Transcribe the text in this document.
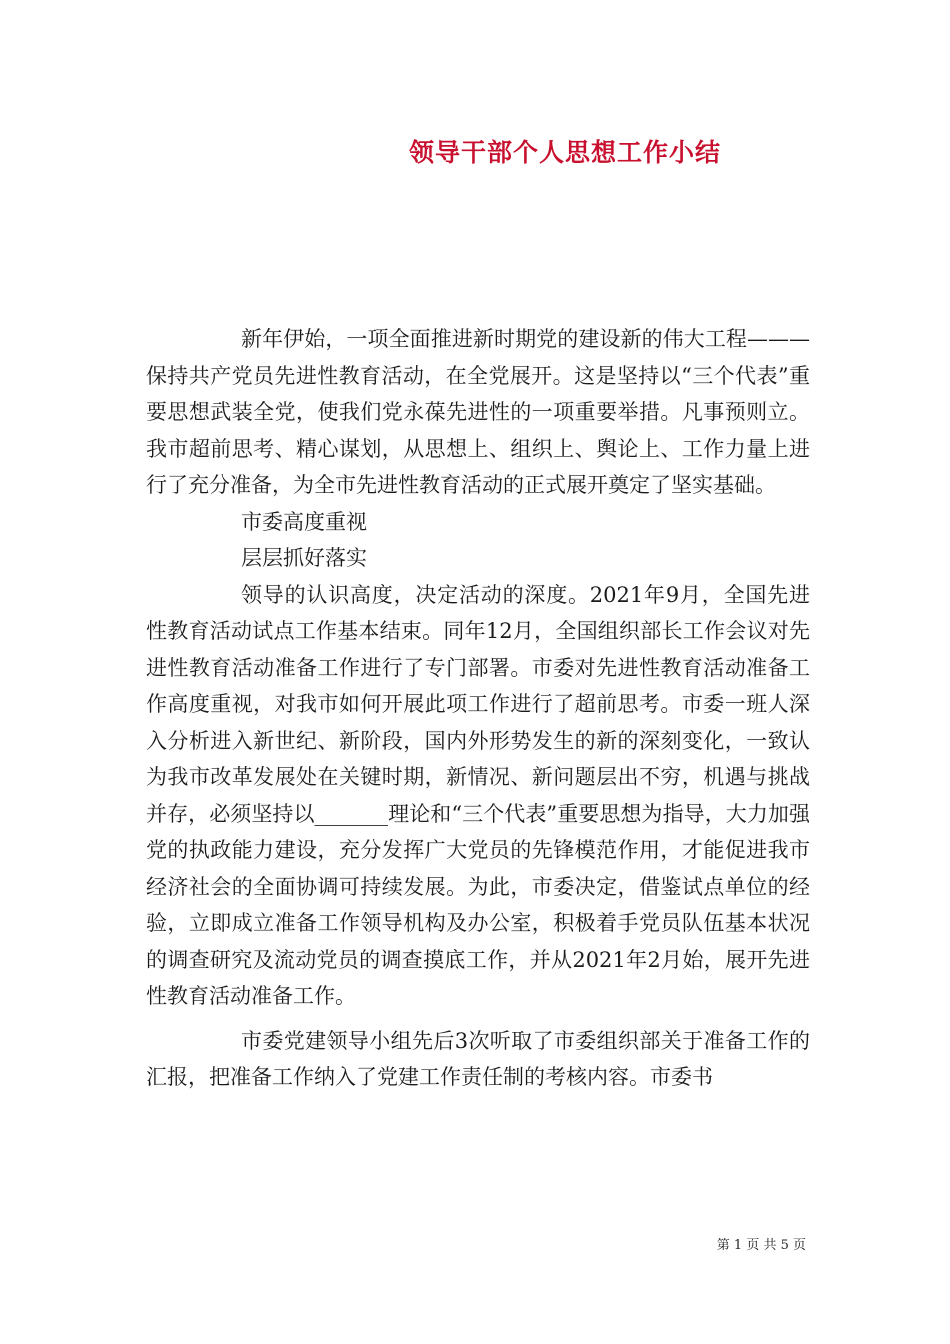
领导干部个人思想工作小结

新年伊始，一项全面推进新时期党的建设新的伟大工程———保持共产党员先进性教育活动，在全党展开。这是坚持以“三个代表”重要思想武装全党，使我们党永葆先进性的一项重要举措。凡事预则立。我市超前思考、精心谋划，从思想上、组织上、舆论上、工作力量上进行了充分准备，为全市先进性教育活动的正式展开奠定了坚实基础。

市委高度重视

层层抓好落实

领导的认识高度，决定活动的深度。2021年9月，全国先进性教育活动试点工作基本结束。同年12月，全国组织部长工作会议对先进性教育活动准备工作进行了专门部署。市委对先进性教育活动准备工作高度重视，对我市如何开展此项工作进行了超前思考。市委一班人深入分析进入新世纪、新阶段，国内外形势发生的新的深刻变化，一致认为我市改革发展处在关键时期，新情况、新问题层出不穷，机遇与挑战并存，必须坚持以_______理论和“三个代表”重要思想为指导，大力加强党的执政能力建设，充分发挥广大党员的先锋模范作用，才能促进我市经济社会的全面协调可持续发展。为此，市委决定，借鉴试点单位的经验，立即成立准备工作领导机构及办公室，积极着手党员队伍基本状况的调查研究及流动党员的调查摸底工作，并从2021年2月始，展开先进性教育活动准备工作。

市委党建领导小组先后3次听取了市委组织部关于准备工作的汇报，把准备工作纳入了党建工作责任制的考核内容。市委书

第 1 页 共 5 页
